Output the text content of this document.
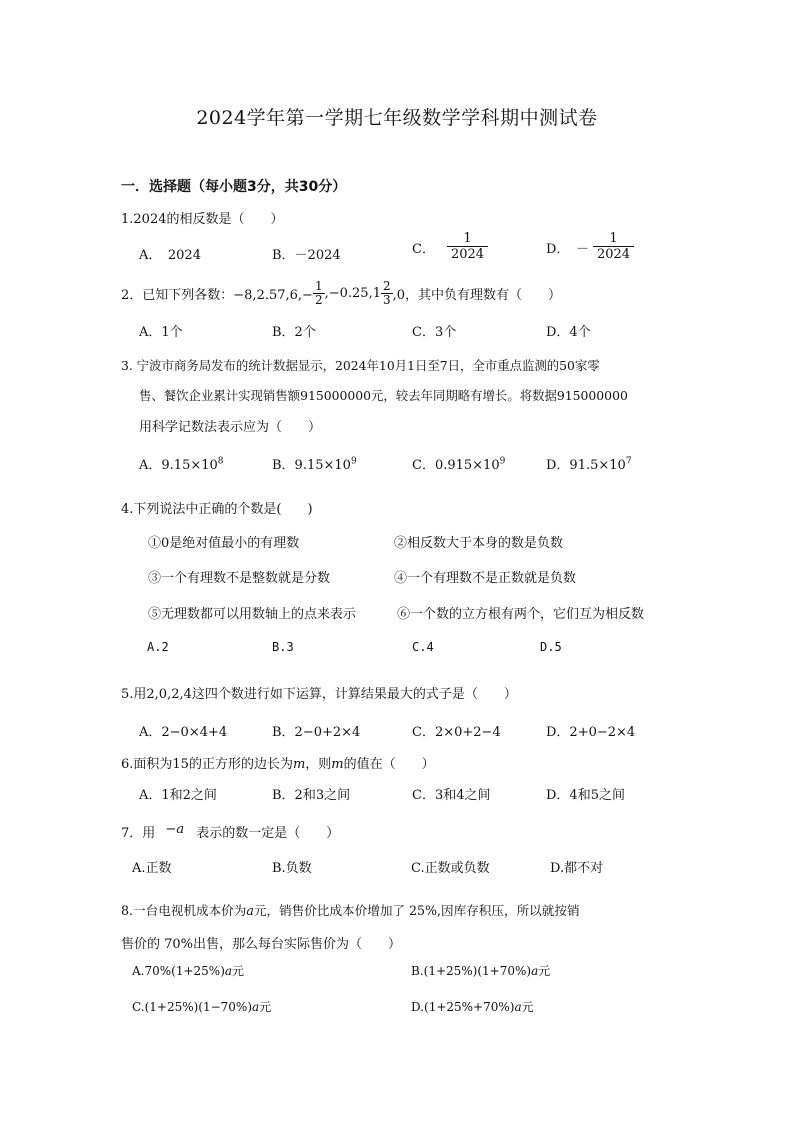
2024学年第一学期七年级数学学科期中测试卷
一．选择题（每小题3分，共30分）
1.2024的相反数是（　　）
A．　2024	B．－2024	C． $\frac{1}{2024}$	D．　－ $\frac{1}{2024}$
2．已知下列各数：$-8,2.57,6,- \frac{1}{2} ,-0.25,1 \frac{2}{3} ,0$，其中负有理数有（　　）
A．1个	B．2个	C．3个	D．4个
3. 宁波市商务局发布的统计数据显示，2024年10月1日至7日，全市重点监测的50家零
售、餐饮企业累计实现销售额915000000元，较去年同期略有增长。将数据915000000
用科学记数法表示应为（　　）
A．$9.15\times 10^8$	B．$9.15\times 10^9$	C．$0.915\times 10^9$	D．$91.5\times 10^7$
4.下列说法中正确的个数是(　　)
①0是绝对值最小的有理数	②相反数大于本身的数是负数
③一个有理数不是整数就是分数	④一个有理数不是正数就是负数
⑤无理数都可以用数轴上的点来表示	⑥一个数的立方根有两个，它们互为相反数
A.2	B.3	C.4	D.5
5.用2,0,2,4这四个数进行如下运算，计算结果最大的式子是（　　）
A．2−0×4+4	B．2−0+2×4	C．2×0+2−4	D．2+0−2×4
6.面积为15的正方形的边长为m，则m的值在（　　）
A．1和2之间	B．2和3之间	C．3和4之间	D．4和5之间
7．用 −a 表示的数一定是（　　）
A.正数	B.负数	C.正数或负数	D.都不对
8.一台电视机成本价为a元，销售价比成本价增加了 25%,因库存积压，所以就按销
售价的 70%出售，那么每台实际售价为（　　）
A.70%(1+25%)a元	B.(1+25%)(1+70%)a元
C.(1+25%)(1−70%)a元	D.(1+25%+70%)a元
